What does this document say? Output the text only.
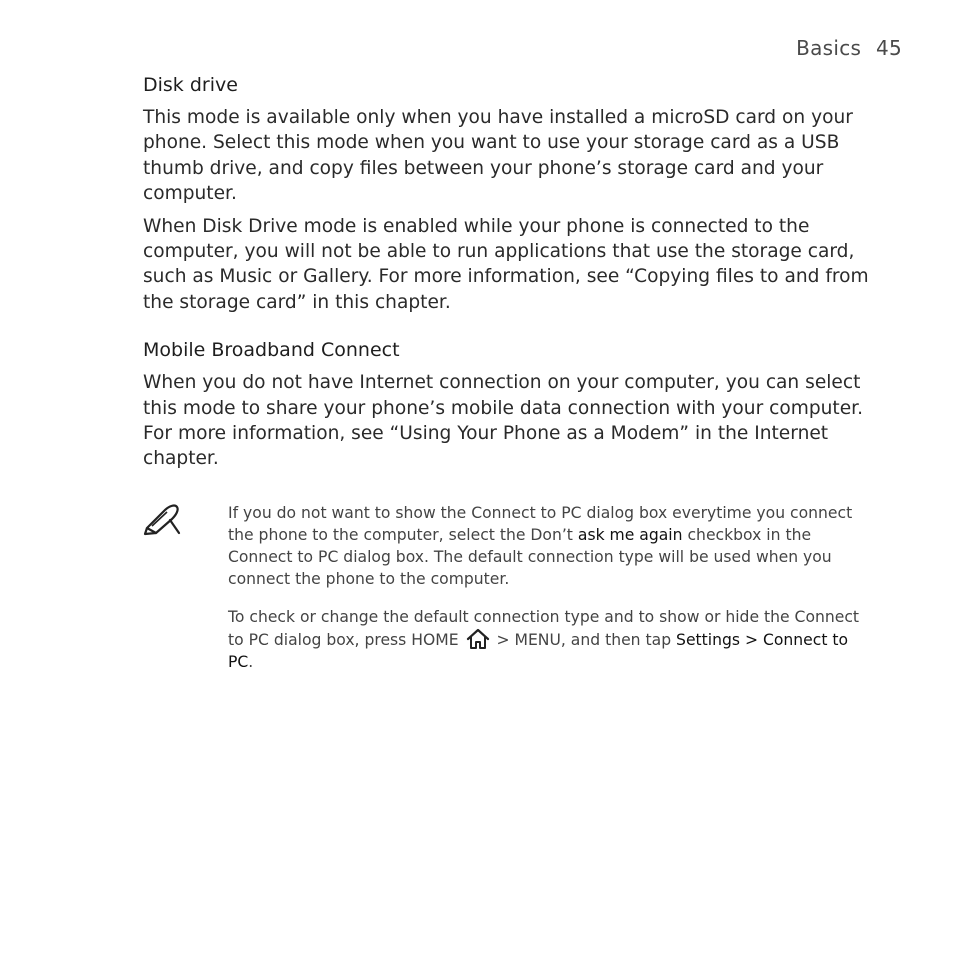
Basics 45
Disk drive

This mode is available only when you have installed a microSD card on your phone. Select this mode when you want to use your storage card as a USB thumb drive, and copy files between your phone’s storage card and your computer.

When Disk Drive mode is enabled while your phone is connected to the computer, you will not be able to run applications that use the storage card, such as Music or Gallery. For more information, see “Copying files to and from the storage card” in this chapter.

Mobile Broadband Connect

When you do not have Internet connection on your computer, you can select this mode to share your phone’s mobile data connection with your computer. For more information, see “Using Your Phone as a Modem” in the Internet chapter.

If you do not want to show the Connect to PC dialog box everytime you connect the phone to the computer, select the Don’t ask me again checkbox in the Connect to PC dialog box. The default connection type will be used when you connect the phone to the computer.

To check or change the default connection type and to show or hide the Connect to PC dialog box, press HOME  > MENU, and then tap Settings > Connect to PC.
